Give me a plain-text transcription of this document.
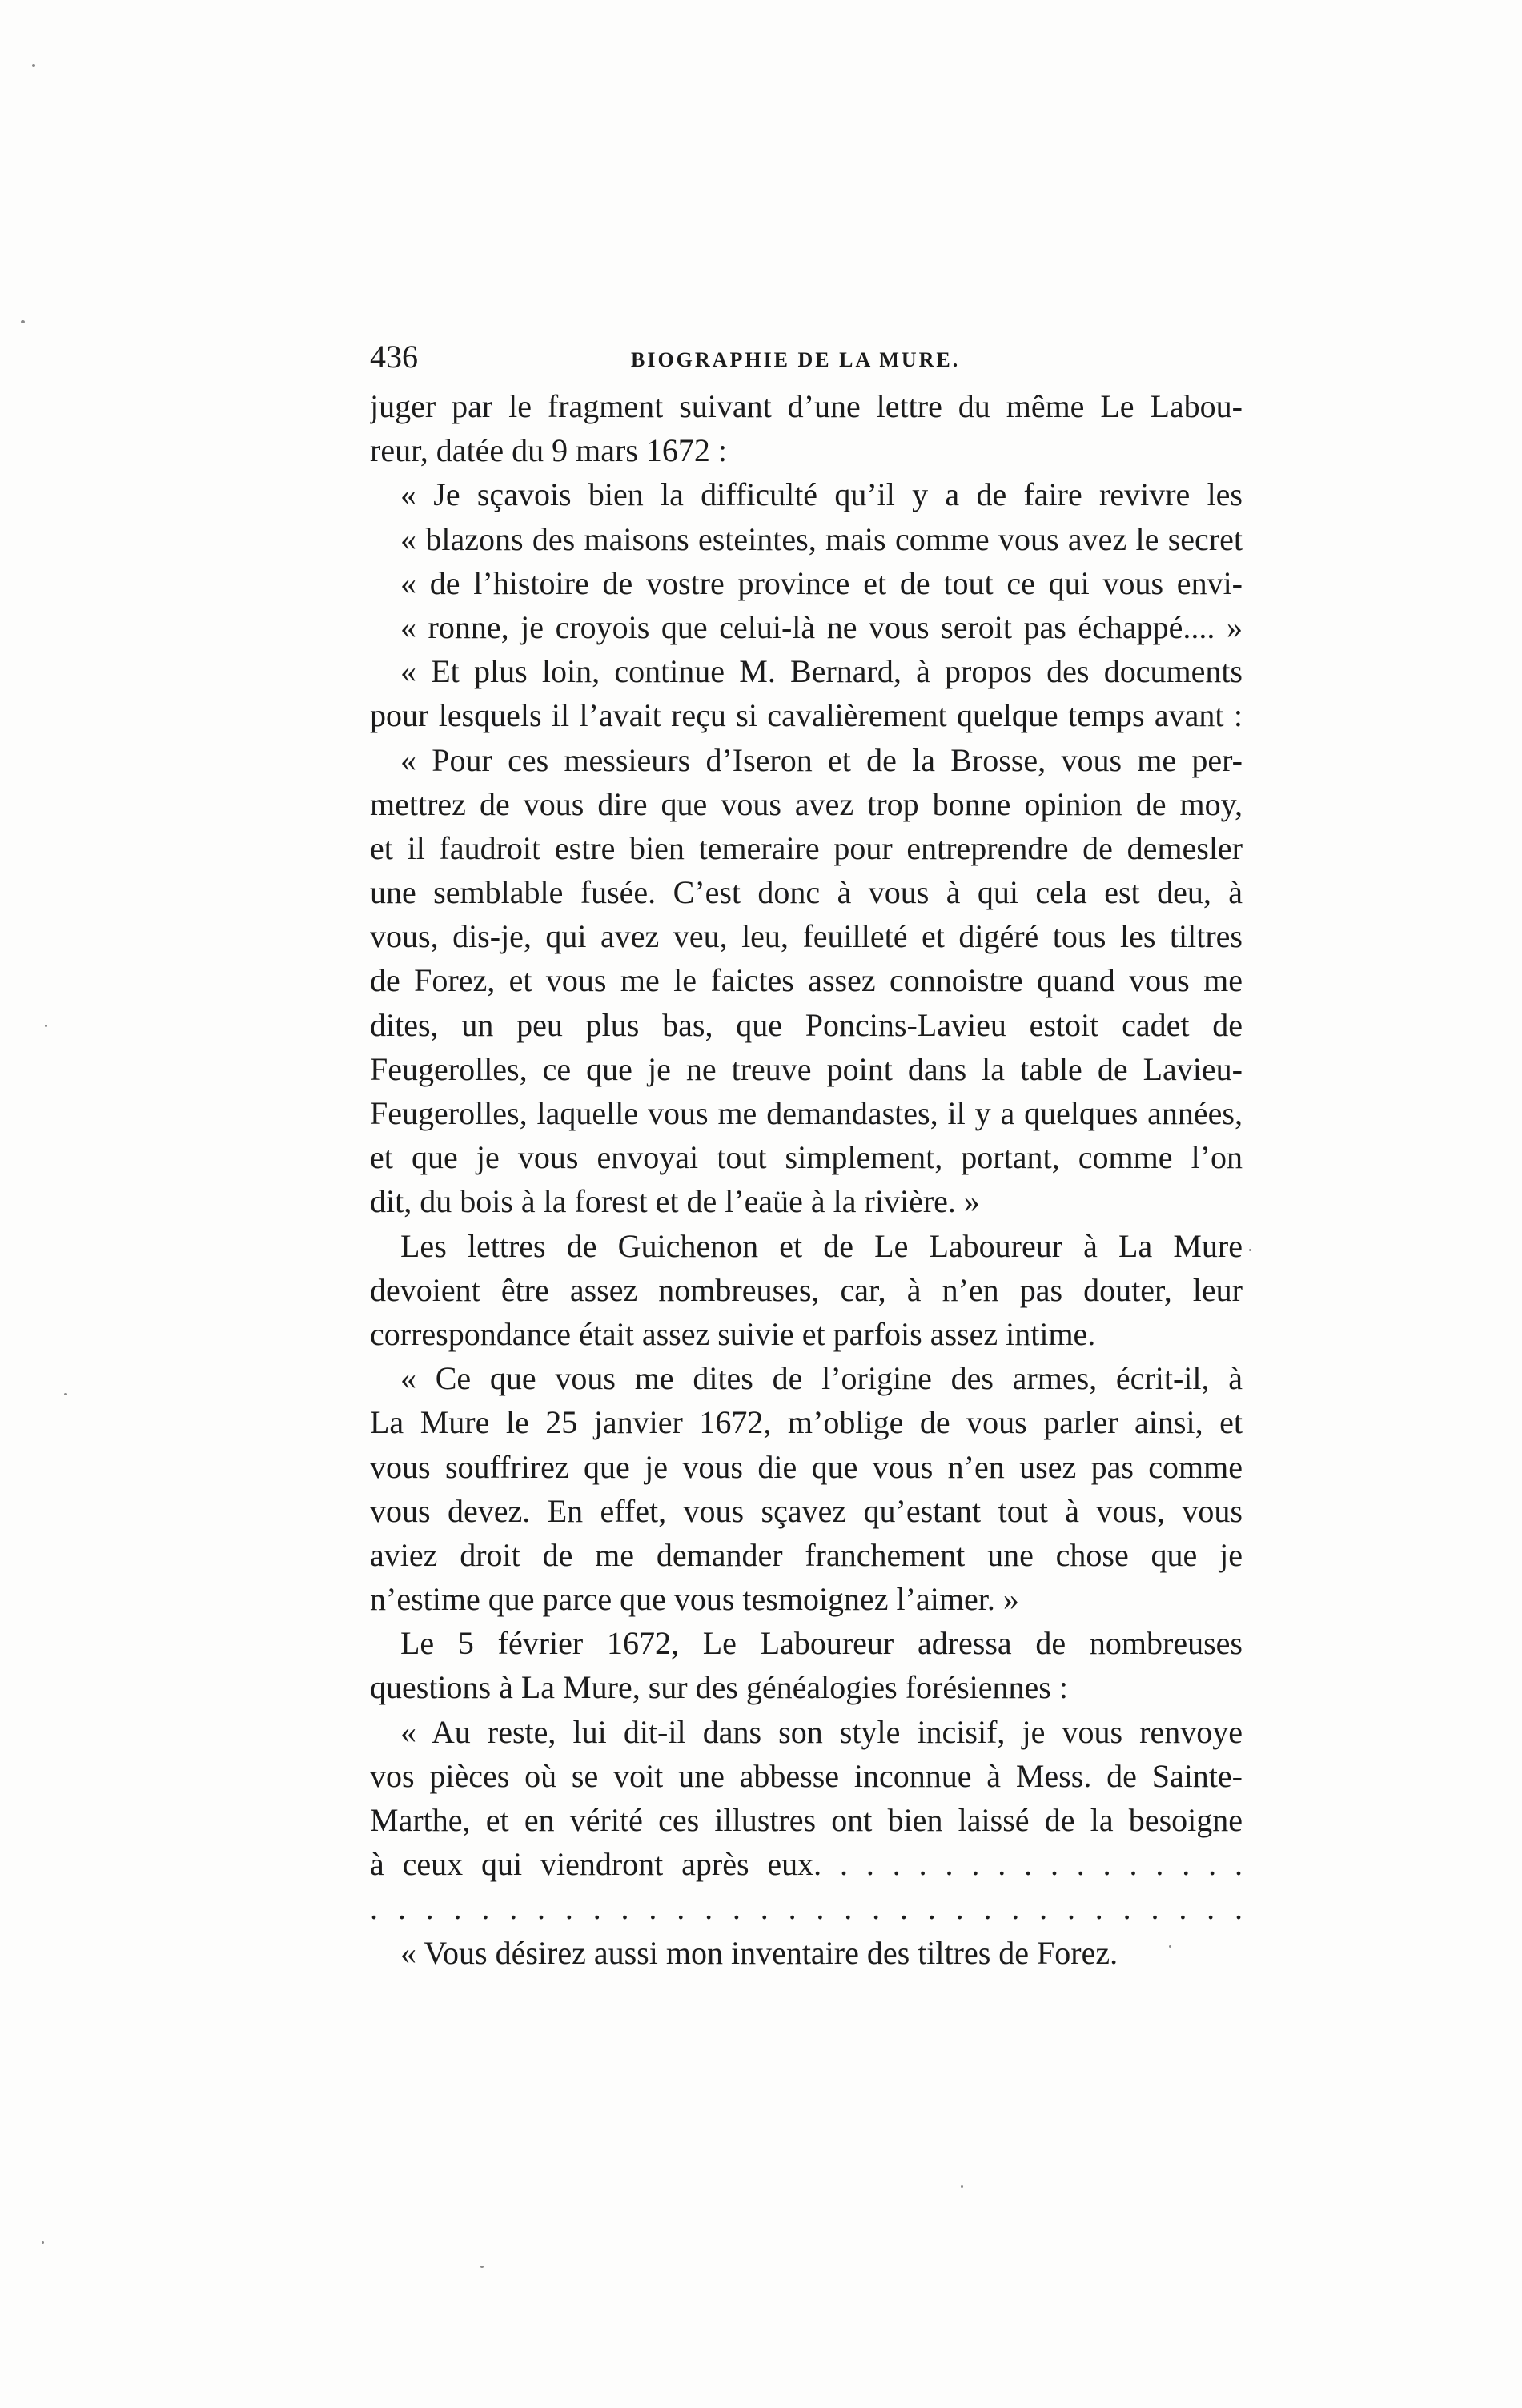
436	BIOGRAPHIE DE LA MURE.
juger par le fragment suivant d’une lettre du même Le Labou-
reur, datée du 9 mars 1672 :
« Je sçavois bien la difficulté qu’il y a de faire revivre les
« blazons des maisons esteintes, mais comme vous avez le secret
« de l’histoire de vostre province et de tout ce qui vous envi-
« ronne, je croyois que celui-là ne vous seroit pas échappé.... »
« Et plus loin, continue M. Bernard, à propos des documents
pour lesquels il l’avait reçu si cavalièrement quelque temps avant :
« Pour ces messieurs d’Iseron et de la Brosse, vous me per-
mettrez de vous dire que vous avez trop bonne opinion de moy,
et il faudroit estre bien temeraire pour entreprendre de demesler
une semblable fusée. C’est donc à vous à qui cela est deu, à
vous, dis-je, qui avez veu, leu, feuilleté et digéré tous les tiltres
de Forez, et vous me le faictes assez connoistre quand vous me
dites, un peu plus bas, que Poncins-Lavieu estoit cadet de
Feugerolles, ce que je ne treuve point dans la table de Lavieu-
Feugerolles, laquelle vous me demandastes, il y a quelques années,
et que je vous envoyai tout simplement, portant, comme l’on
dit, du bois à la forest et de l’eaüe à la rivière. »
Les lettres de Guichenon et de Le Laboureur à La Mure
devoient être assez nombreuses, car, à n’en pas douter, leur
correspondance était assez suivie et parfois assez intime.
« Ce que vous me dites de l’origine des armes, écrit-il, à
La Mure le 25 janvier 1672, m’oblige de vous parler ainsi, et
vous souffrirez que je vous die que vous n’en usez pas comme
vous devez. En effet, vous sçavez qu’estant tout à vous, vous
aviez droit de me demander franchement une chose que je
n’estime que parce que vous tesmoignez l’aimer. »
Le 5 février 1672, Le Laboureur adressa de nombreuses
questions à La Mure, sur des généalogies forésiennes :
« Au reste, lui dit-il dans son style incisif, je vous renvoye
vos pièces où se voit une abbesse inconnue à Mess. de Sainte-
Marthe, et en vérité ces illustres ont bien laissé de la besoigne
à ceux qui viendront après eux. . . . . . . . . . . . . . . . .
. . . . . . . . . . . . . . . . . . . . . . . . . . . . . . . .
« Vous désirez aussi mon inventaire des tiltres de Forez.
